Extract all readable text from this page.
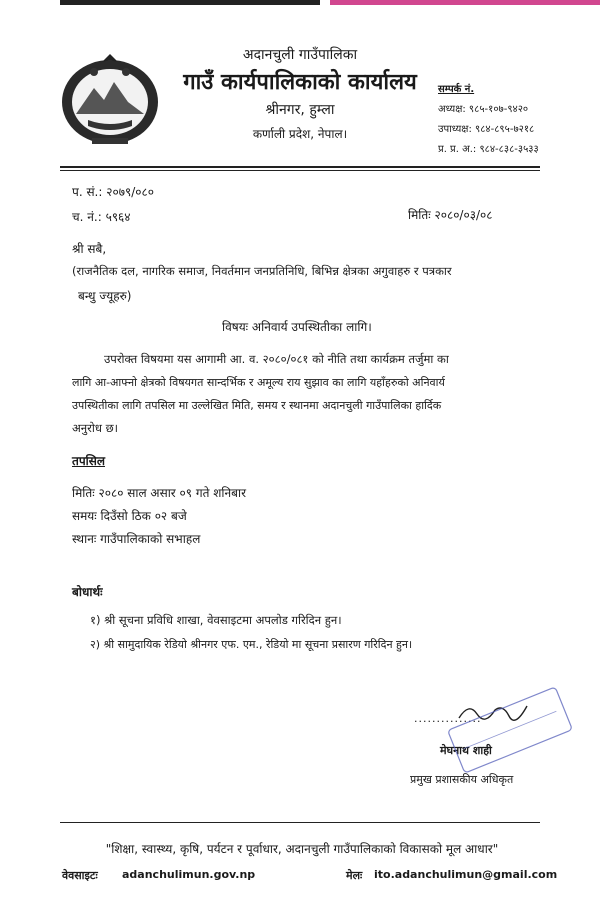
अदानचुली गाउँपालिका
गाउँ कार्यपालिकाको कार्यालय
श्रीनगर, हुम्ला
कर्णाली प्रदेश, नेपाल।
सम्पर्क नं.
अध्यक्ष: ९८५-१०७-९४२०
उपाध्यक्ष: ९८४-८९५-७२१८
प्र. प्र. अ.: ९८४-८३८-३५३३
प. सं.: २०७९/०८०
च. नं.: ५९६४	मितिः २०८०/०३/०८
श्री सबै,
(राजनैतिक दल, नागरिक समाज, निवर्तमान जनप्रतिनिधि, बिभिन्न क्षेत्रका अगुवाहरु र पत्रकार
बन्धु ज्यूहरु)
विषयः अनिवार्य उपस्थितीका लागि।
उपरोक्त विषयमा यस आगामी आ. व. २०८०/०८१ को नीति तथा कार्यक्रम तर्जुमा का
लागि आ-आफ्नो क्षेत्रको विषयगत सान्दर्भिक र अमूल्य राय सुझाव का लागि यहाँहरुको अनिवार्य
उपस्थितीका लागि तपसिल मा उल्लेखित मिति, समय र स्थानमा अदानचुली गाउँपालिका हार्दिक
अनुरोध छ।
तपसिल
मितिः २०८० साल असार ०९ गते शनिबार
समयः दिउँसो ठिक ०२ बजे
स्थानः गाउँपालिकाको सभाहल
बोधार्थः
१) श्री सूचना प्रविधि शाखा, वेवसाइटमा अपलोड गरिदिन हुन।
२) श्री सामुदायिक रेडियो श्रीनगर एफ. एम., रेडियो मा सूचना प्रसारण गरिदिन हुन।
...............
मेघनाथ शाही
प्रमुख प्रशासकीय अधिकृत
"शिक्षा, स्वास्थ्य, कृषि, पर्यटन र पूर्वाधार, अदानचुली गाउँपालिकाको विकासको मूल आधार"
वेवसाइटः adanchulimun.gov.np	मेलः ito.adanchulimun@gmail.com
